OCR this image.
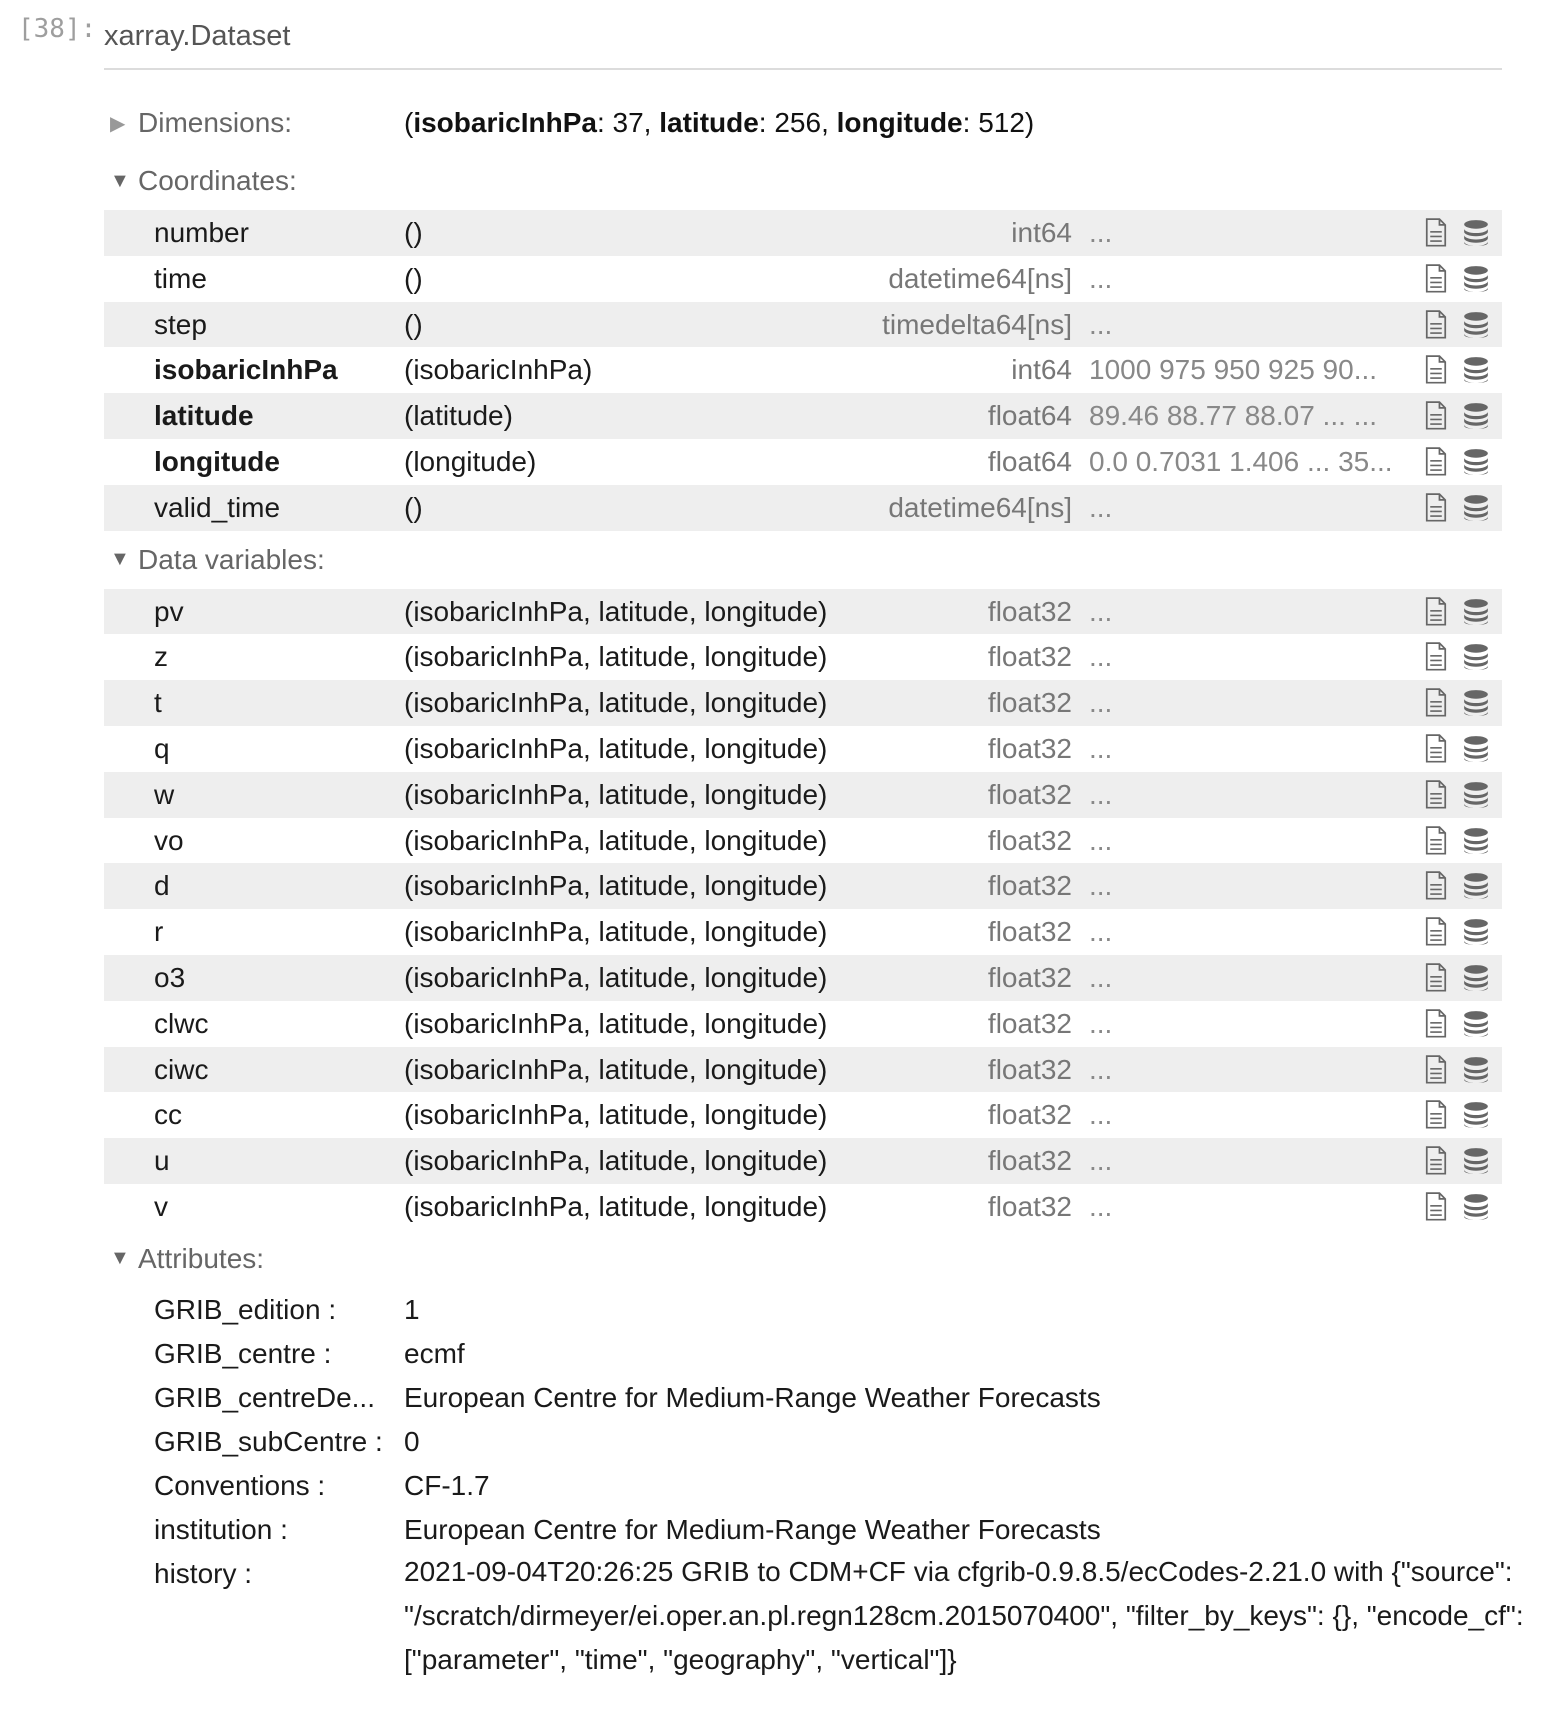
[38]: xarray.Dataset
▶ Dimensions:	(isobaricInhPa: 37, latitude: 256, longitude: 512)
▼ Coordinates:
number	()	int64 ...
time	()	datetime64[ns] ...
step	()	timedelta64[ns] ...
isobaricInhPa (isobaricInhPa)	int64 1000 975 950 925 90...
latitude	(latitude)	float64 89.46 88.77 88.07 ... ...
longitude	(longitude)	float64 0.0 0.7031 1.406 ... 35...
valid_time	()	datetime64[ns] ...
▼ Data variables:
pv	(isobaricInhPa, latitude, longitude)	float32 ...
z	(isobaricInhPa, latitude, longitude)	float32 ...
t	(isobaricInhPa, latitude, longitude)	float32 ...
q	(isobaricInhPa, latitude, longitude)	float32 ...
w	(isobaricInhPa, latitude, longitude)	float32 ...
vo	(isobaricInhPa, latitude, longitude)	float32 ...
d	(isobaricInhPa, latitude, longitude)	float32 ...
r	(isobaricInhPa, latitude, longitude)	float32 ...
o3	(isobaricInhPa, latitude, longitude)	float32 ...
clwc	(isobaricInhPa, latitude, longitude)	float32 ...
ciwc	(isobaricInhPa, latitude, longitude)	float32 ...
cc	(isobaricInhPa, latitude, longitude)	float32 ...
u	(isobaricInhPa, latitude, longitude)	float32 ...
v	(isobaricInhPa, latitude, longitude)	float32 ...
▼ Attributes:
GRIB_edition :	1
GRIB_centre :	ecmf
GRIB_centreDe...	European Centre for Medium-Range Weather Forecasts
GRIB_subCentre : 0
Conventions :	CF-1.7
institution :	European Centre for Medium-Range Weather Forecasts
history :	2021-09-04T20:26:25 GRIB to CDM+CF via cfgrib-0.9.8.5/ecCodes-2.21.0 with {"source": "/scratch/dirmeyer/ei.oper.an.pl.regn128cm.2015070400", "filter_by_keys": {}, "encode_cf": ["parameter", "time", "geography", "vertical"]}
